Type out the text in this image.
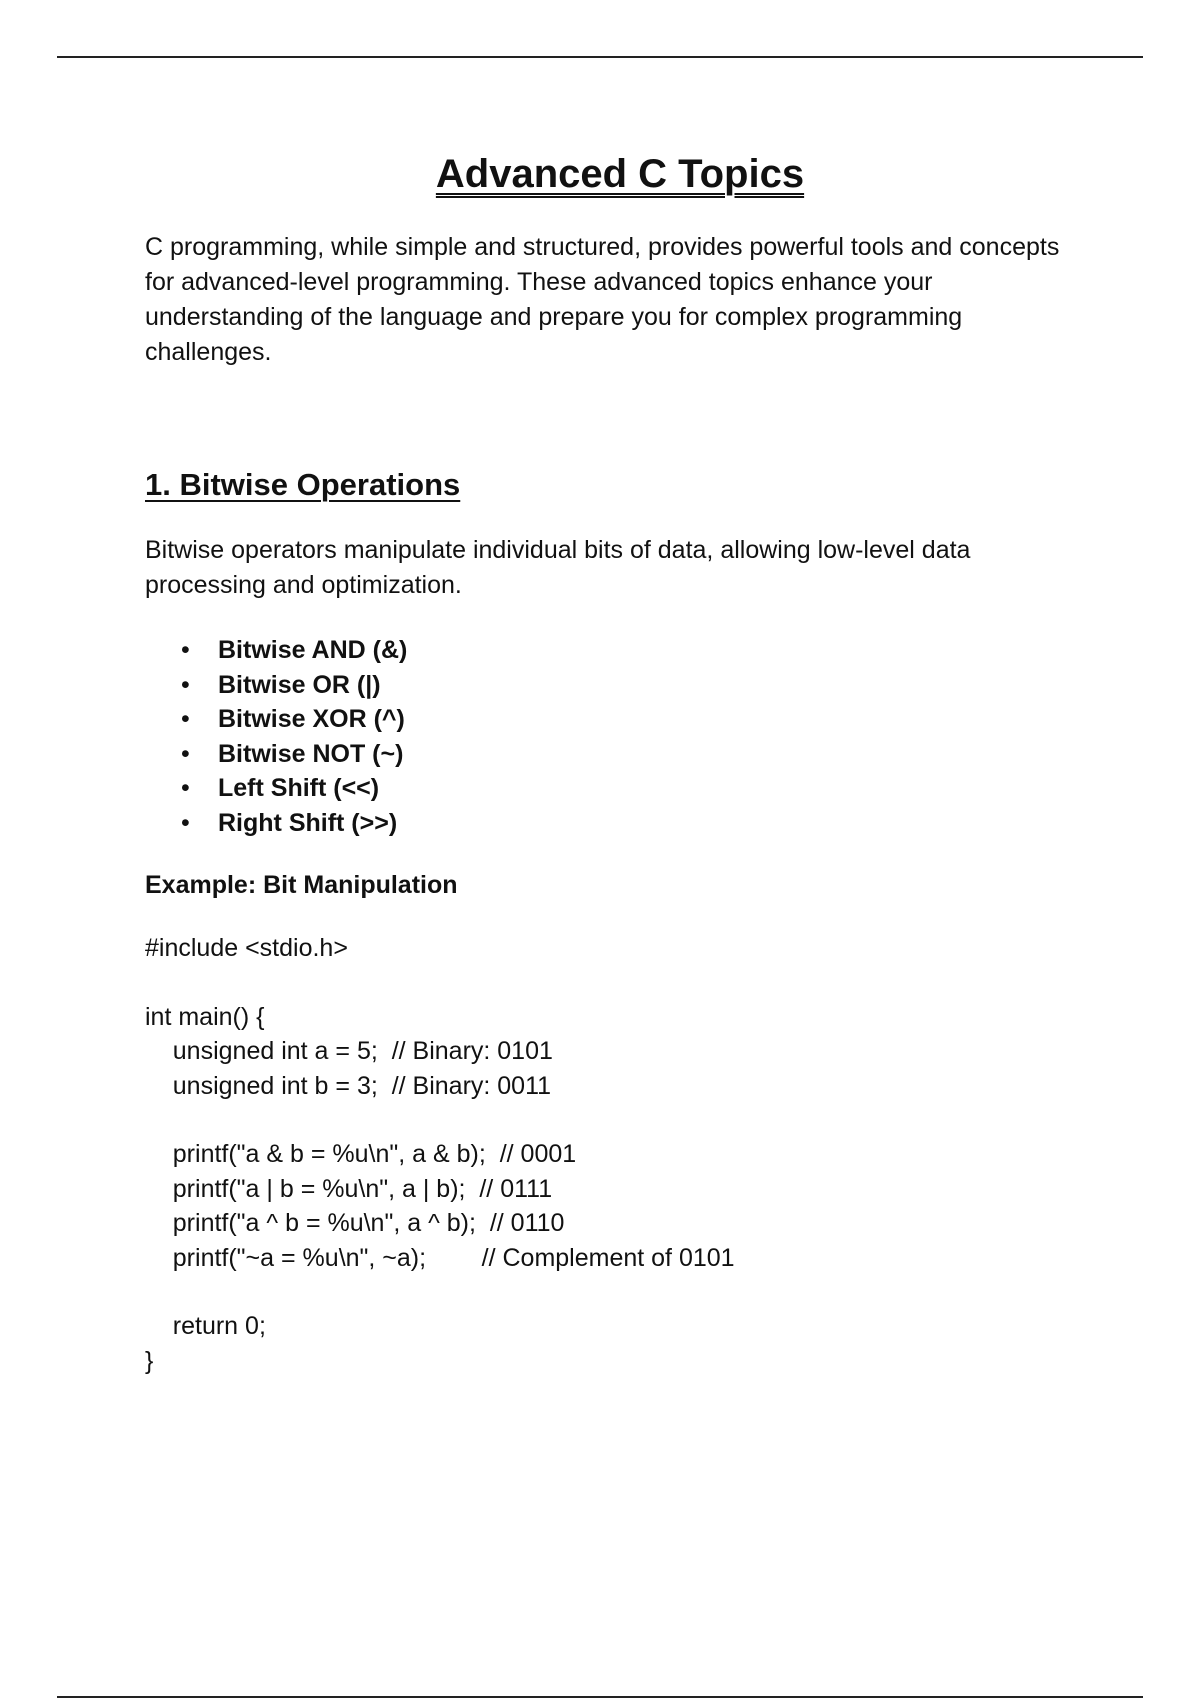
Advanced C Topics

C programming, while simple and structured, provides powerful tools and concepts for advanced-level programming. These advanced topics enhance your understanding of the language and prepare you for complex programming challenges.

1. Bitwise Operations

Bitwise operators manipulate individual bits of data, allowing low-level data processing and optimization.

• Bitwise AND (&)
• Bitwise OR (|)
• Bitwise XOR (^)
• Bitwise NOT (~)
• Left Shift (<<)
• Right Shift (>>)
Example: Bit Manipulation
#include <stdio.h>

int main() {
unsigned int a = 5;  // Binary: 0101
unsigned int b = 3;  // Binary: 0011

printf("a & b = %u\n", a & b);  // 0001
printf("a | b = %u\n", a | b);  // 0111
printf("a ^ b = %u\n", a ^ b);  // 0110
printf("~a = %u\n", ~a);        // Complement of 0101

return 0;
}
